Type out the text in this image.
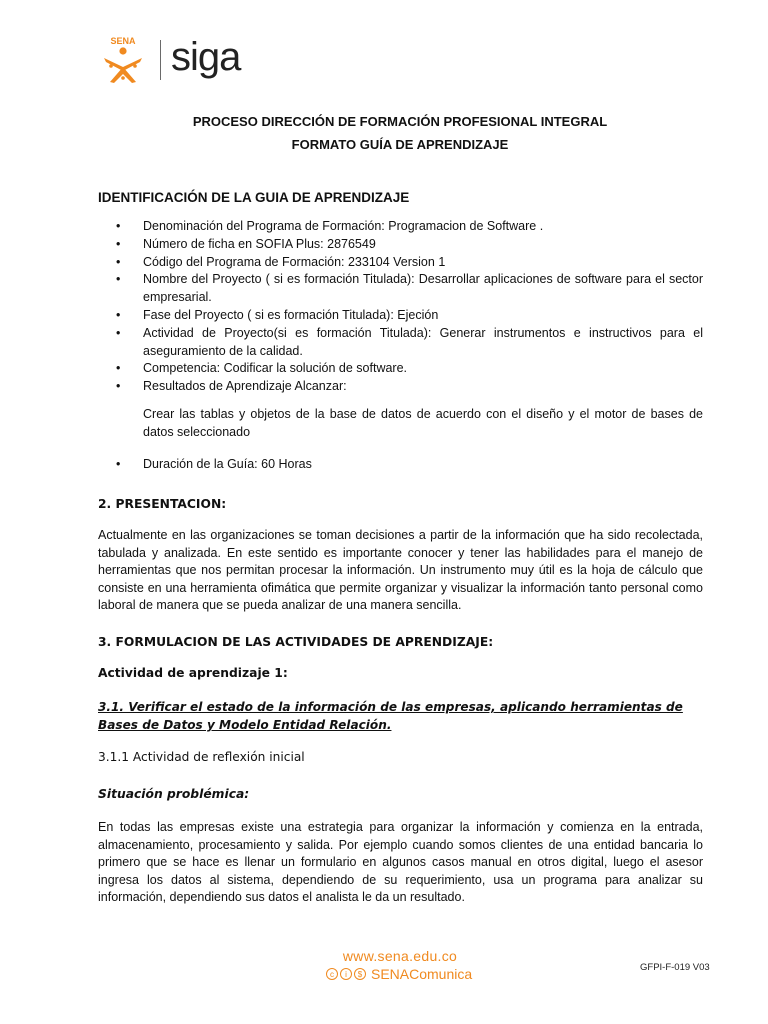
SENA siga
PROCESO DIRECCIÓN DE FORMACIÓN PROFESIONAL INTEGRAL
FORMATO GUÍA DE APRENDIZAJE
IDENTIFICACIÓN DE LA GUIA DE APRENDIZAJE
• Denominación del Programa de Formación: Programacion de Software .
• Número de ficha en SOFIA Plus: 2876549
• Código del Programa de Formación: 233104 Version 1
• Nombre del Proyecto ( si es formación Titulada): Desarrollar aplicaciones de software para el sector empresarial.
• Fase del Proyecto ( si es formación Titulada): Ejeción
• Actividad de Proyecto(si es formación Titulada): Generar instrumentos e instructivos para el aseguramiento de la calidad.
• Competencia: Codificar la solución de software.
• Resultados de Aprendizaje Alcanzar:
Crear las tablas y objetos de la base de datos de acuerdo con el diseño y el motor de bases de datos seleccionado
• Duración de la Guía: 60 Horas
2. PRESENTACION:
Actualmente en las organizaciones se toman decisiones a partir de la información que ha sido recolectada, tabulada y analizada. En este sentido es importante conocer y tener las habilidades para el manejo de herramientas que nos permitan procesar la información. Un instrumento muy útil es la hoja de cálculo que consiste en una herramienta ofimática que permite organizar y visualizar la información tanto personal como laboral de manera que se pueda analizar de una manera sencilla.
3. FORMULACION DE LAS ACTIVIDADES DE APRENDIZAJE:
Actividad de aprendizaje 1:
3.1. Verificar el estado de la información de las empresas, aplicando herramientas de Bases de Datos y Modelo Entidad Relación.
3.1.1 Actividad de reflexión inicial
Situación problémica:
En todas las empresas existe una estrategia para organizar la información y comienza en la entrada, almacenamiento, procesamiento y salida. Por ejemplo cuando somos clientes de una entidad bancaria lo primero que se hace es llenar un formulario en algunos casos manual en otros digital, luego el asesor ingresa los datos al sistema, dependiendo de su requerimiento, usa un programa para analizar su información, dependiendo sus datos el analista le da un resultado.
www.sena.edu.co
c	i	$ SENAComunica	GFPI-F-019 V03
